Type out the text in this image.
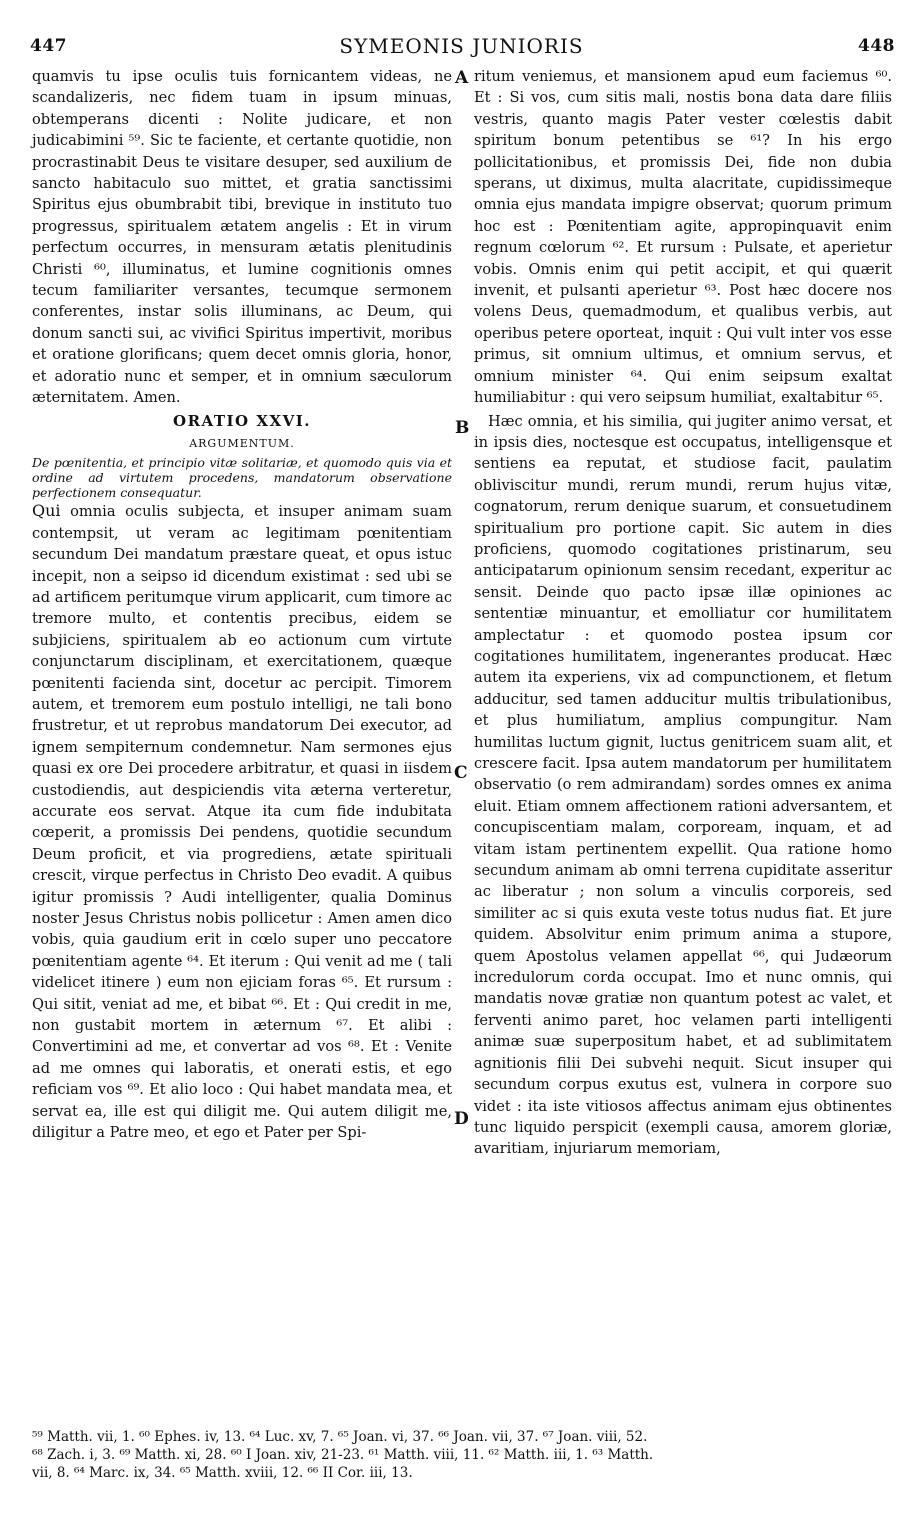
447	SYMEONIS JUNIORIS	448
A
B
C
D

quamvis tu ipse oculis tuis fornicantem videas, ne scandalizeris, nec fidem tuam in ipsum minuas, obtemperans dicenti : Nolite judicare, et non judicabimini ⁵⁹. Sic te faciente, et certante quotidie, non procrastinabit Deus te visitare desuper, sed auxilium de sancto habitaculo suo mittet, et gratia sanctissimi Spiritus ejus obumbrabit tibi, brevique in instituto tuo progressus, spiritualem ætatem angelis : Et in virum perfectum occurres, in mensuram ætatis plenitudinis Christi ⁶⁰, illuminatus, et lumine cognitionis omnes tecum familiariter versantes, tecumque sermonem conferentes, instar solis illuminans, ac Deum, qui donum sancti sui, ac vivifici Spiritus impertivit, moribus et oratione glorificans; quem decet omnis gloria, honor, et adoratio nunc et semper, et in omnium sæculorum æternitatem. Amen.

ORATIO XXVI.
ARGUMENTUM.

De pœnitentia, et principio vitæ solitariæ, et quomodo quis via et ordine ad virtutem procedens, mandatorum observatione perfectionem consequatur.

Qui omnia oculis subjecta, et insuper animam suam contempsit, ut veram ac legitimam pœnitentiam secundum Dei mandatum præstare queat, et opus istuc incepit, non a seipso id dicendum existimat : sed ubi se ad artificem peritumque virum applicarit, cum timore ac tremore multo, et contentis precibus, eidem se subjiciens, spiritualem ab eo actionum cum virtute conjunctarum disciplinam, et exercitationem, quæque pœnitenti facienda sint, docetur ac percipit. Timorem autem, et tremorem eum postulo intelligi, ne tali bono frustretur, et ut reprobus mandatorum Dei executor, ad ignem sempiternum condemnetur. Nam sermones ejus quasi ex ore Dei procedere arbitratur, et quasi in iisdem custodiendis, aut despiciendis vita æterna verteretur, accurate eos servat. Atque ita cum fide indubitata cœperit, a promissis Dei pendens, quotidie secundum Deum proficit, et via progrediens, ætate spirituali crescit, virque perfectus in Christo Deo evadit. A quibus igitur promissis ? Audi intelligenter, qualia Dominus noster Jesus Christus nobis pollicetur : Amen amen dico vobis, quia gaudium erit in cœlo super uno peccatore pœnitentiam agente ⁶⁴. Et iterum : Qui venit ad me ( tali videlicet itinere ) eum non ejiciam foras ⁶⁵. Et rursum : Qui sitit, veniat ad me, et bibat ⁶⁶. Et : Qui credit in me, non gustabit mortem in æternum ⁶⁷. Et alibi : Convertimini ad me, et convertar ad vos ⁶⁸. Et : Venite ad me omnes qui laboratis, et onerati estis, et ego reficiam vos ⁶⁹. Et alio loco : Qui habet mandata mea, et servat ea, ille est qui diligit me. Qui autem diligit me, diligitur a Patre meo, et ego et Pater per Spi-

ritum veniemus, et mansionem apud eum faciemus ⁶⁰. Et : Si vos, cum sitis mali, nostis bona data dare filiis vestris, quanto magis Pater vester cœlestis dabit spiritum bonum petentibus se ⁶¹? In his ergo pollicitationibus, et promissis Dei, fide non dubia sperans, ut diximus, multa alacritate, cupidissimeque omnia ejus mandata impigre observat; quorum primum hoc est : Pœnitentiam agite, appropinquavit enim regnum cœlorum ⁶². Et rursum : Pulsate, et aperietur vobis. Omnis enim qui petit accipit, et qui quærit invenit, et pulsanti aperietur ⁶³. Post hæc docere nos volens Deus, quemadmodum, et qualibus verbis, aut operibus petere oporteat, inquit : Qui vult inter vos esse primus, sit omnium ultimus, et omnium servus, et omnium minister ⁶⁴. Qui enim seipsum exaltat humiliabitur : qui vero seipsum humiliat, exaltabitur ⁶⁵.

Hæc omnia, et his similia, qui jugiter animo versat, et in ipsis dies, noctesque est occupatus, intelligensque et sentiens ea reputat, et studiose facit, paulatim obliviscitur mundi, rerum mundi, rerum hujus vitæ, cognatorum, rerum denique suarum, et consuetudinem spiritualium pro portione capit. Sic autem in dies proficiens, quomodo cogitationes pristinarum, seu anticipatarum opinionum sensim recedant, experitur ac sensit. Deinde quo pacto ipsæ illæ opiniones ac sententiæ minuantur, et emolliatur cor humilitatem amplectatur : et quomodo postea ipsum cor cogitationes humilitatem, ingenerantes producat. Hæc autem ita experiens, vix ad compunctionem, et fletum adducitur, sed tamen adducitur multis tribulationibus, et plus humiliatum, amplius compungitur. Nam humilitas luctum gignit, luctus genitricem suam alit, et crescere facit. Ipsa autem mandatorum per humilitatem observatio (o rem admirandam) sordes omnes ex anima eluit. Etiam omnem affectionem rationi adversantem, et concupiscentiam malam, corpoream, inquam, et ad vitam istam pertinentem expellit. Qua ratione homo secundum animam ab omni terrena cupiditate asseritur ac liberatur ; non solum a vinculis corporeis, sed similiter ac si quis exuta veste totus nudus fiat. Et jure quidem. Absolvitur enim primum anima a stupore, quem Apostolus velamen appellat ⁶⁶, qui Judæorum incredulorum corda occupat. Imo et nunc omnis, qui mandatis novæ gratiæ non quantum potest ac valet, et ferventi animo paret, hoc velamen parti intelligenti animæ suæ superpositum habet, et ad sublimitatem agnitionis filii Dei subvehi nequit. Sicut insuper qui secundum corpus exutus est, vulnera in corpore suo videt : ita iste vitiosos affectus animam ejus obtinentes tunc liquido perspicit (exempli causa, amorem gloriæ, avaritiam, injuriarum memoriam,

⁵⁹ Matth. vii, 1. ⁶⁰ Ephes. iv, 13. ⁶⁴ Luc. xv, 7. ⁶⁵ Joan. vi, 37. ⁶⁶ Joan. vii, 37. ⁶⁷ Joan. viii, 52.
⁶⁸ Zach. i, 3. ⁶⁹ Matth. xi, 28. ⁶⁰ I Joan. xiv, 21-23. ⁶¹ Matth. viii, 11. ⁶² Matth. iii, 1. ⁶³ Matth.
vii, 8. ⁶⁴ Marc. ix, 34. ⁶⁵ Matth. xviii, 12. ⁶⁶ II Cor. iii, 13.
